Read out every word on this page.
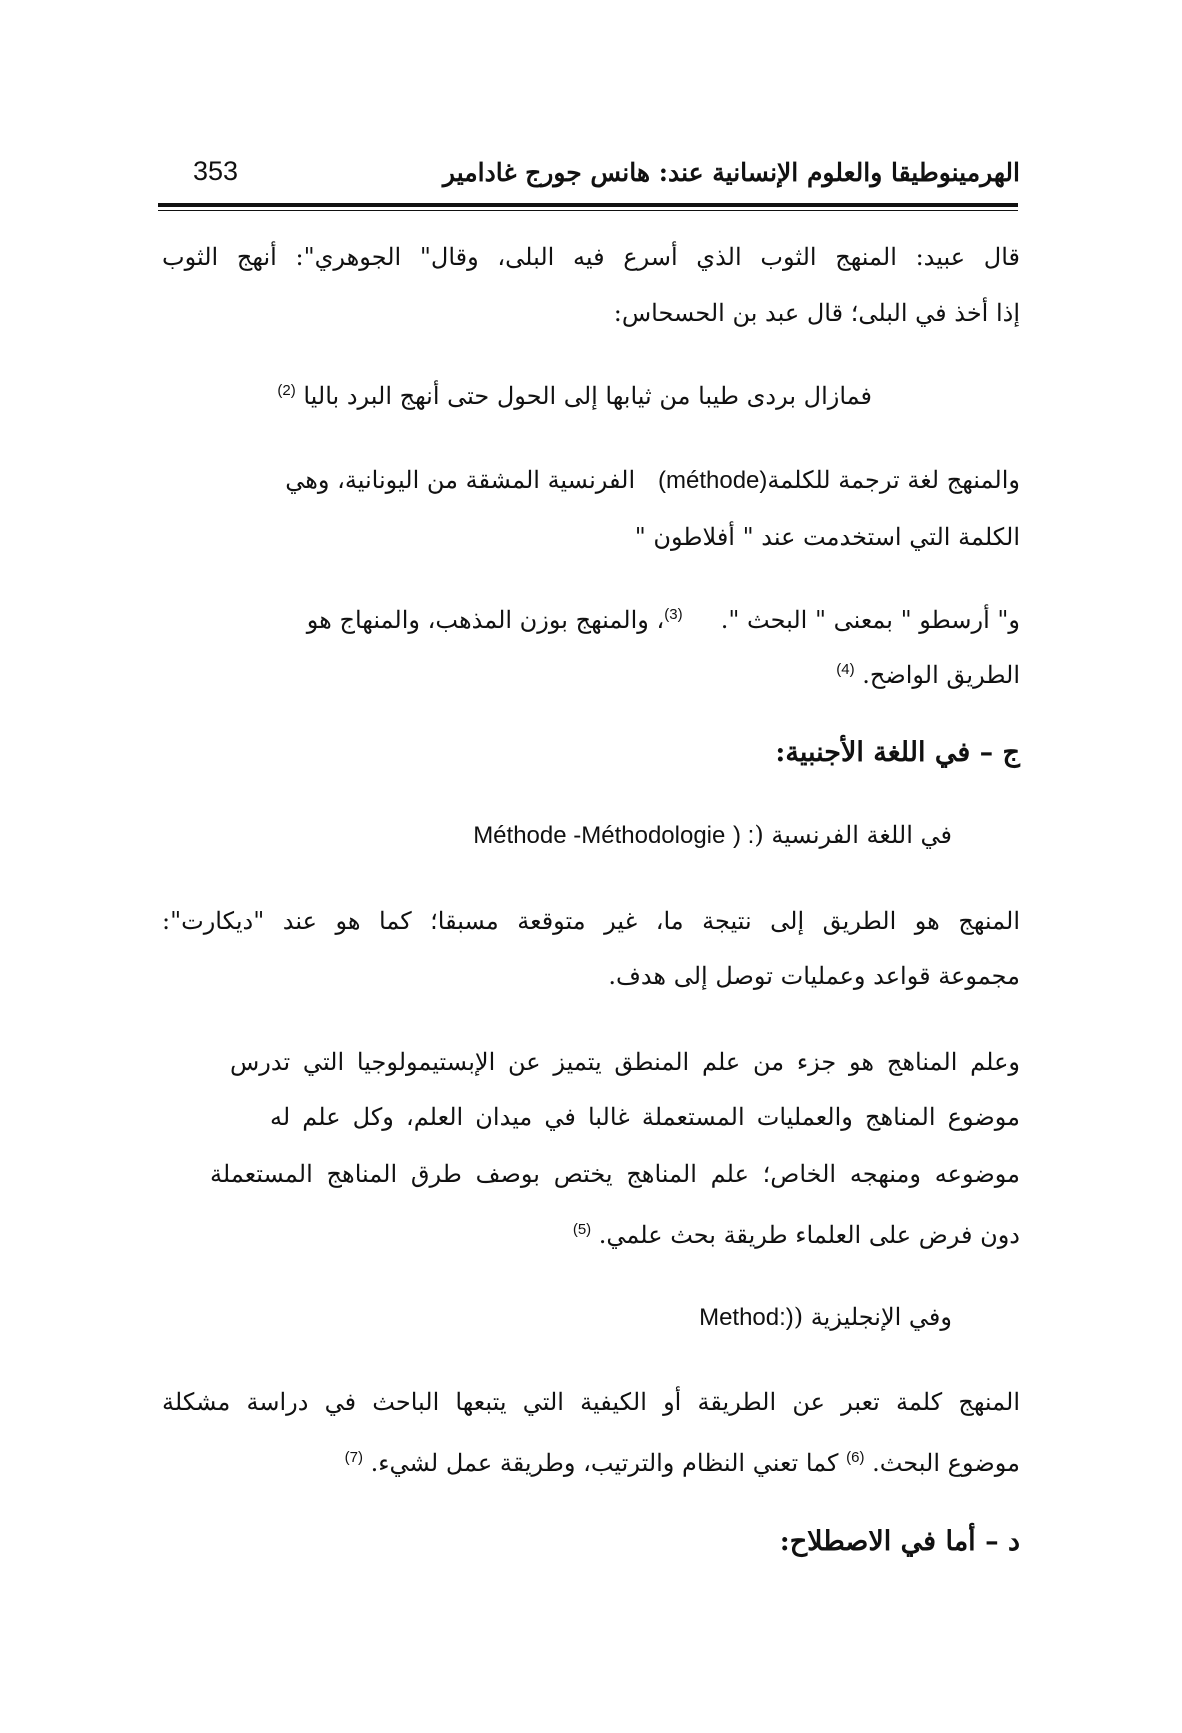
الهرمينوطيقا والعلوم الإنسانية عند: هانس جورج غادامير
353
قال عبيد: المنهج الثوب الذي أسرع فيه البلى، وقال" الجوهري": أنهج الثوب
إذا أخذ في البلى؛ قال عبد بن الحسحاس:
فمازال بردى طيبا من ثيابها إلى الحول حتى أنهج البرد باليا $^{(2)}$
والمنهج لغة ترجمة للكلمة(méthode)   الفرنسية المشقة من اليونانية، وهي
الكلمة التي استخدمت عند " أفلاطون "
و" أرسطو " بمعنى " البحث ".     $^{(3)}$، والمنهج بوزن المذهب، والمنهاج هو
الطريق الواضح. $^{(4)}$
ج – في اللغة الأجنبية:
في اللغة الفرنسية (Méthode -Méthodologie ) :
المنهج هو الطريق إلى نتيجة ما، غير متوقعة مسبقا؛ كما هو عند "ديكارت":
مجموعة قواعد وعمليات توصل إلى هدف.
وعلم المناهج هو جزء من علم المنطق يتميز عن الإبستيمولوجيا التي تدرس
موضوع المناهج والعمليات المستعملة غالبا في ميدان العلم، وكل علم له
موضوعه ومنهجه الخاص؛ علم المناهج يختص بوصف طرق المناهج المستعملة
دون فرض على العلماء طريقة بحث علمي. $^{(5)}$
وفي الإنجليزية (Method:)
المنهج كلمة تعبر عن الطريقة أو الكيفية التي يتبعها الباحث في دراسة مشكلة
موضوع البحث. $^{(6)}$ كما تعني النظام والترتيب، وطريقة عمل لشيء. $^{(7)}$
د – أما في الاصطلاح:
